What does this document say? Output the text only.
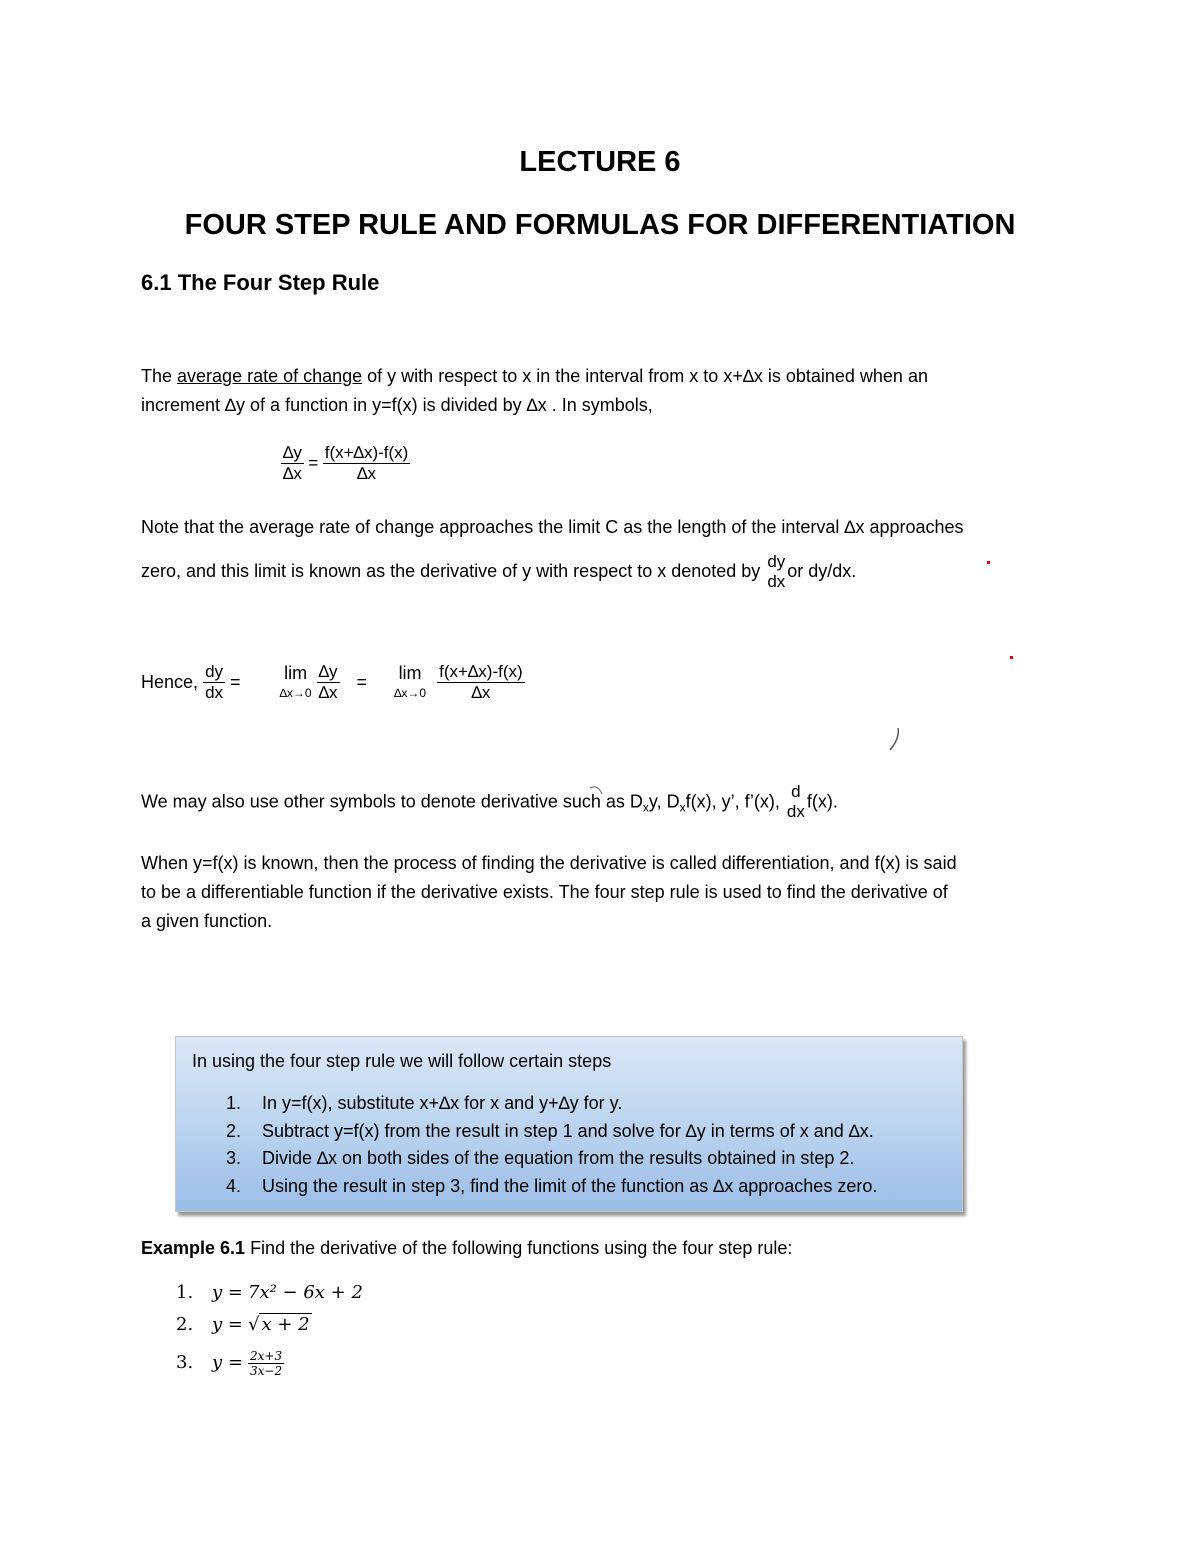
LECTURE 6
FOUR STEP RULE AND FORMULAS FOR DIFFERENTIATION
6.1 The Four Step Rule
The average rate of change of y with respect to x in the interval from x to x+∆x is obtained when an
increment ∆y of a function in y=f(x) is divided by ∆x . In symbols,
$\frac{\Delta y}{\Delta x} = \frac{f(x+\Delta x)-f(x)}{\Delta x}$
Note that the average rate of change approaches the limit C as the length of the interval ∆x approaches
zero, and this limit is known as the derivative of y with respect to x denoted by dy
dx
or dy/dx.
Hence, $\frac{dy}{dx} = \lim$
∆x→0
$\frac{\Delta y}{\Delta x} = \lim$
∆x→0
$\frac{f(x+\Delta x)-f(x)}{\Delta x}$
We may also use other symbols to denote derivative such as $D_xy$, $D_xf(x)$, y’, f’(x), d
dx f(x).
When y=f(x) is known, then the process of finding the derivative is called differentiation, and f(x) is said
to be a differentiable function if the derivative exists. The four step rule is used to find the derivative of
a given function.
In using the four step rule we will follow certain steps
1. In y=f(x), substitute x+∆x for x and y+∆y for y.
2. Subtract y=f(x) from the result in step 1 and solve for ∆y in terms of x and ∆x.
3. Divide ∆x on both sides of the equation from the results obtained in step 2.
4. Using the result in step 3, find the limit of the function as ∆x approaches zero.
Example 6.1 Find the derivative of the following functions using the four step rule:
1. y = 7x² − 6x + 2
2. y = √ x + 2
3. $y = \frac{2x+3}{3x-2}$
